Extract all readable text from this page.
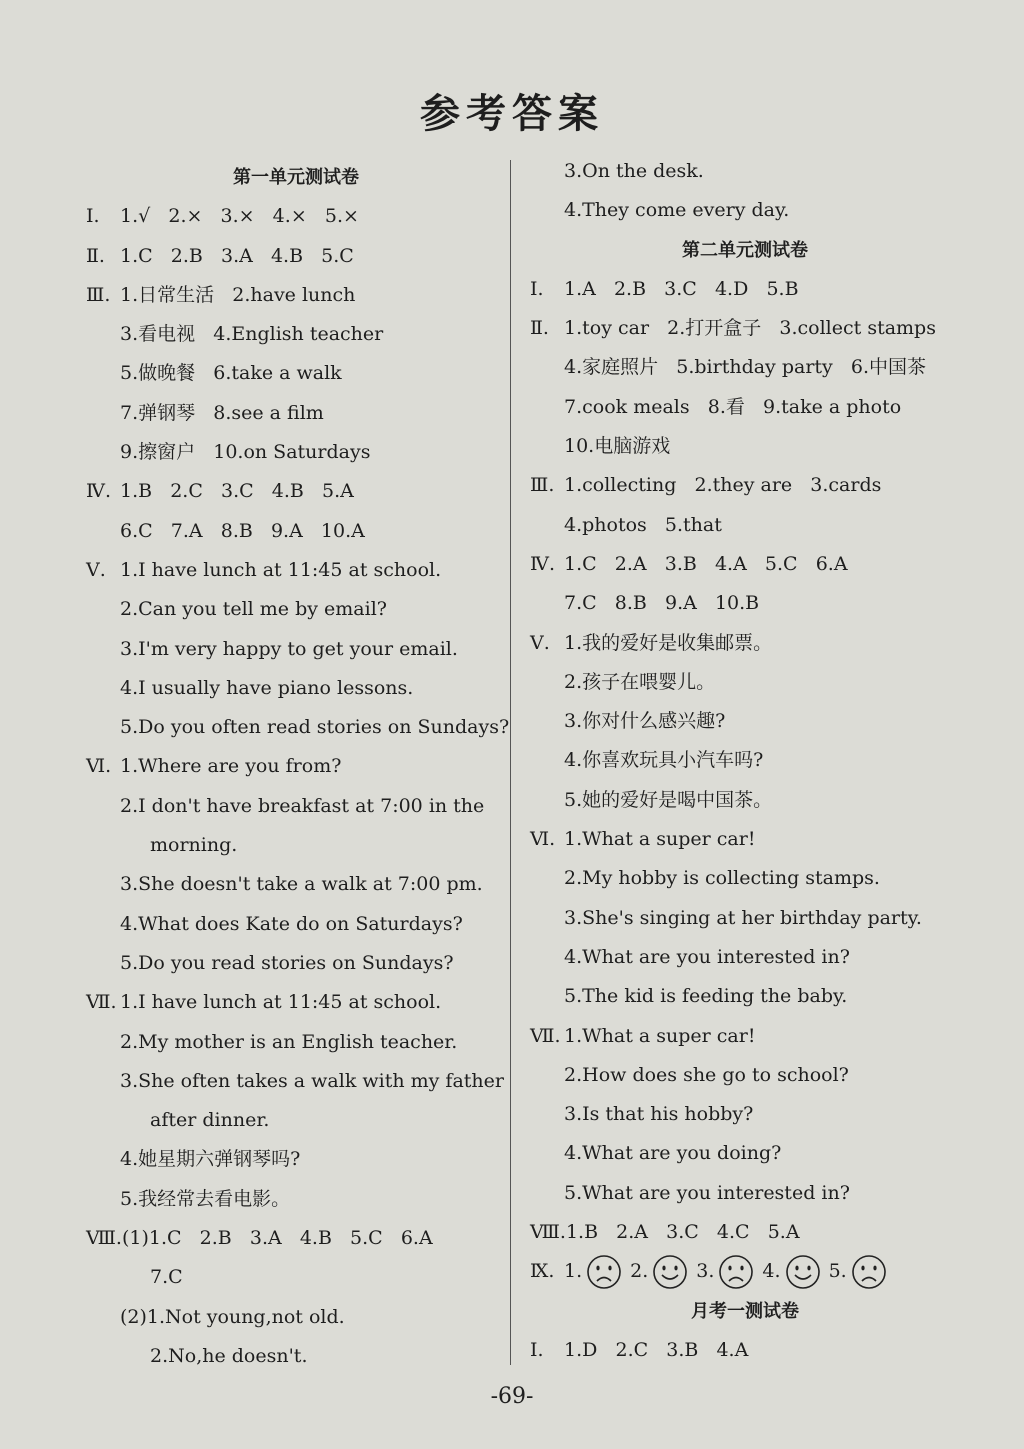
参考答案
第一单元测试卷
Ⅰ. 1.√   2.×   3.×   4.×   5.×
Ⅱ. 1.C   2.B   3.A   4.B   5.C
Ⅲ. 1.日常生活   2.have lunch
3.看电视   4.English teacher
5.做晚餐   6.take a walk
7.弹钢琴   8.see a film
9.擦窗户   10.on Saturdays
Ⅳ. 1.B   2.C   3.C   4.B   5.A
6.C   7.A   8.B   9.A   10.A
Ⅴ. 1.I have lunch at 11:45 at school.
2.Can you tell me by email?
3.I'm very happy to get your email.
4.I usually have piano lessons.
5.Do you often read stories on Sundays?
Ⅵ. 1.Where are you from?
2.I don't have breakfast at 7:00 in the
morning.
3.She doesn't take a walk at 7:00 pm.
4.What does Kate do on Saturdays?
5.Do you read stories on Sundays?
Ⅶ. 1.I have lunch at 11:45 at school.
2.My mother is an English teacher.
3.She often takes a walk with my father
after dinner.
4.她星期六弹钢琴吗?
5.我经常去看电影。
Ⅷ.(1)1.C   2.B   3.A   4.B   5.C   6.A
7.C
(2)1.Not young,not old.
2.No,he doesn't.
3.On the desk.
4.They come every day.
第二单元测试卷
Ⅰ. 1.A   2.B   3.C   4.D   5.B
Ⅱ. 1.toy car   2.打开盒子   3.collect stamps
4.家庭照片   5.birthday party   6.中国茶
7.cook meals   8.看   9.take a photo
10.电脑游戏
Ⅲ. 1.collecting   2.they are   3.cards
4.photos   5.that
Ⅳ. 1.C   2.A   3.B   4.A   5.C   6.A
7.C   8.B   9.A   10.B
Ⅴ. 1.我的爱好是收集邮票。
2.孩子在喂婴儿。
3.你对什么感兴趣?
4.你喜欢玩具小汽车吗?
5.她的爱好是喝中国茶。
Ⅵ. 1.What a super car!
2.My hobby is collecting stamps.
3.She's singing at her birthday party.
4.What are you interested in?
5.The kid is feeding the baby.
Ⅶ. 1.What a super car!
2.How does she go to school?
3.Is that his hobby?
4.What are you doing?
5.What are you interested in?
Ⅷ.1.B   2.A   3.C   4.C   5.A
Ⅸ. 1.	2.	3.	4.	5.
月考一测试卷
Ⅰ. 1.D   2.C   3.B   4.A
-69-
